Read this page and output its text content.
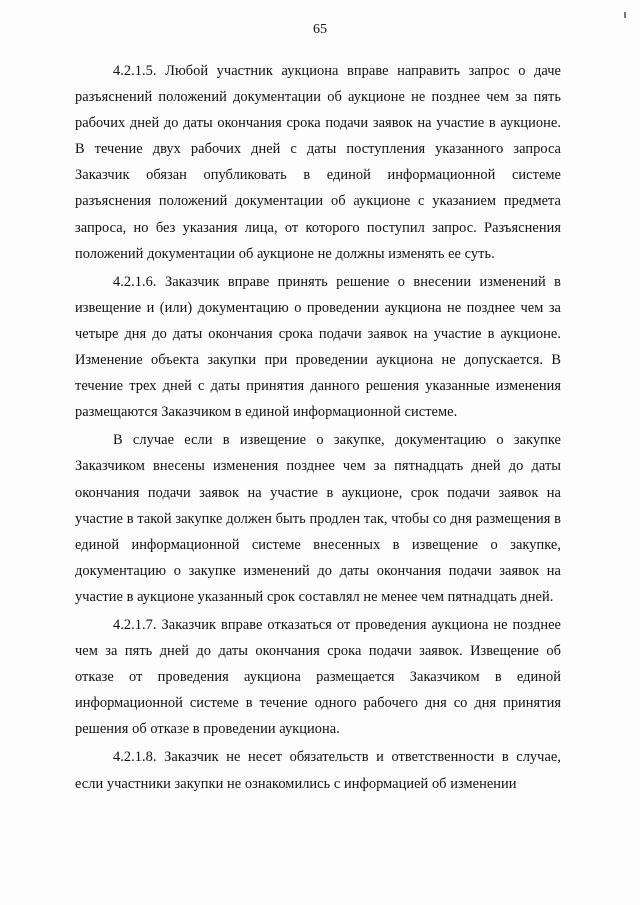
65

4.2.1.5. Любой участник аукциона вправе направить запрос о даче разъяснений положений документации об аукционе не позднее чем за пять рабочих дней до даты окончания срока подачи заявок на участие в аукционе. В течение двух рабочих дней с даты поступления указанного запроса Заказчик обязан опубликовать в единой информационной системе разъяснения положений документации об аукционе с указанием предмета запроса, но без указания лица, от которого поступил запрос. Разъяснения положений документации об аукционе не должны изменять ее суть.

4.2.1.6. Заказчик вправе принять решение о внесении изменений в извещение и (или) документацию о проведении аукциона не позднее чем за четыре дня до даты окончания срока подачи заявок на участие в аукционе. Изменение объекта закупки при проведении аукциона не допускается. В течение трех дней с даты принятия данного решения указанные изменения размещаются Заказчиком в единой информационной системе.

В случае если в извещение о закупке, документацию о закупке Заказчиком внесены изменения позднее чем за пятнадцать дней до даты окончания подачи заявок на участие в аукционе, срок подачи заявок на участие в такой закупке должен быть продлен так, чтобы со дня размещения в единой информационной системе внесенных в извещение о закупке, документацию о закупке изменений до даты окончания подачи заявок на участие в аукционе указанный срок составлял не менее чем пятнадцать дней.

4.2.1.7. Заказчик вправе отказаться от проведения аукциона не позднее чем за пять дней до даты окончания срока подачи заявок. Извещение об отказе от проведения аукциона размещается Заказчиком в единой информационной системе в течение одного рабочего дня со дня принятия решения об отказе в проведении аукциона.

4.2.1.8. Заказчик не несет обязательств и ответственности в случае, если участники закупки не ознакомились с информацией об изменении
